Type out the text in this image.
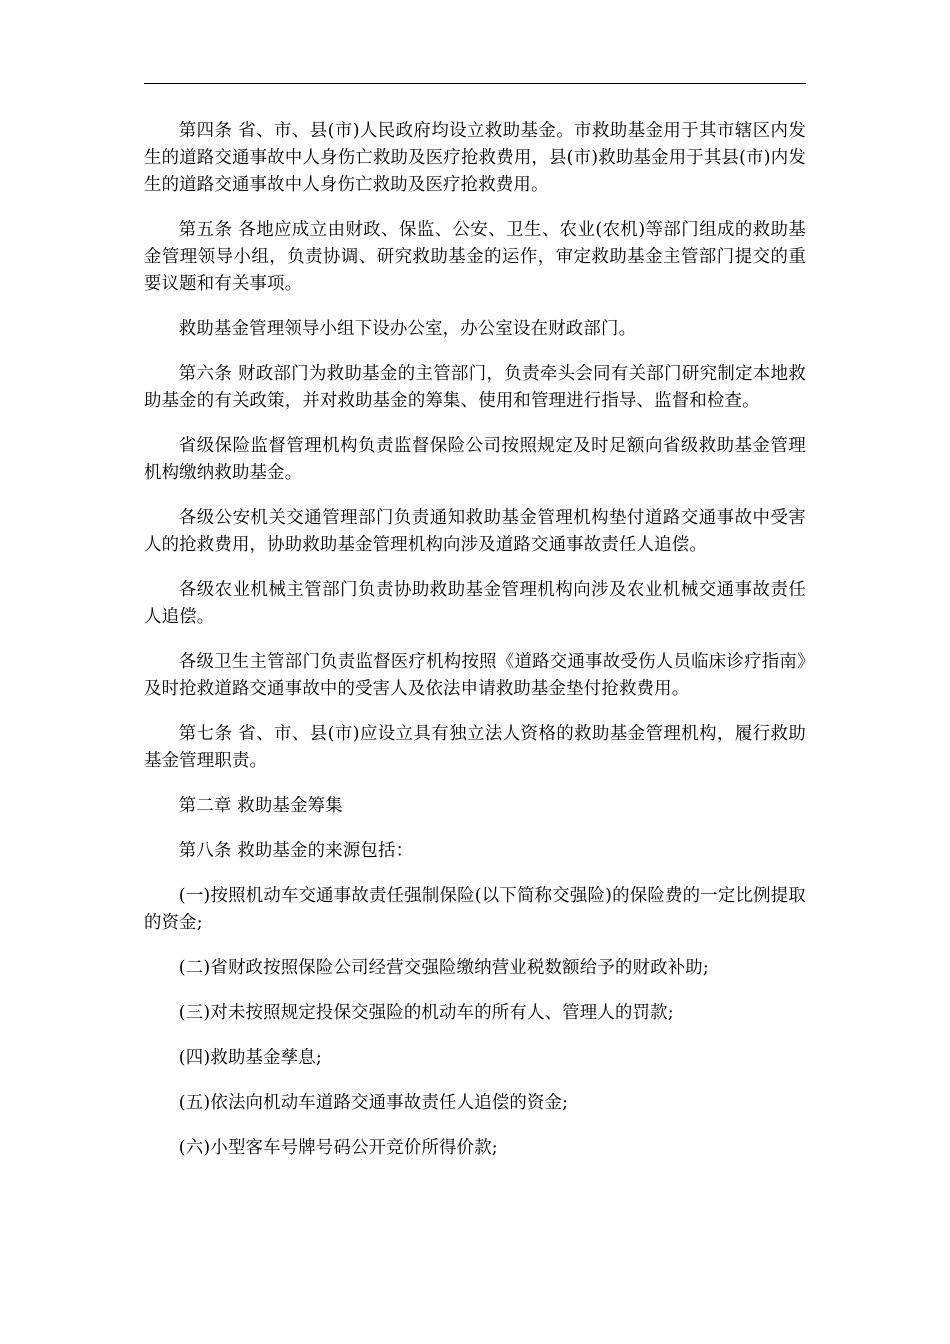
第四条 省、市、县(市)人民政府均设立救助基金。市救助基金用于其市辖区内发生的道路交通事故中人身伤亡救助及医疗抢救费用，县(市)救助基金用于其县(市)内发生的道路交通事故中人身伤亡救助及医疗抢救费用。

第五条 各地应成立由财政、保监、公安、卫生、农业(农机)等部门组成的救助基金管理领导小组，负责协调、研究救助基金的运作，审定救助基金主管部门提交的重要议题和有关事项。

救助基金管理领导小组下设办公室，办公室设在财政部门。

第六条 财政部门为救助基金的主管部门，负责牵头会同有关部门研究制定本地救助基金的有关政策，并对救助基金的筹集、使用和管理进行指导、监督和检查。

省级保险监督管理机构负责监督保险公司按照规定及时足额向省级救助基金管理机构缴纳救助基金。

各级公安机关交通管理部门负责通知救助基金管理机构垫付道路交通事故中受害人的抢救费用，协助救助基金管理机构向涉及道路交通事故责任人追偿。

各级农业机械主管部门负责协助救助基金管理机构向涉及农业机械交通事故责任人追偿。

各级卫生主管部门负责监督医疗机构按照《道路交通事故受伤人员临床诊疗指南》及时抢救道路交通事故中的受害人及依法申请救助基金垫付抢救费用。

第七条 省、市、县(市)应设立具有独立法人资格的救助基金管理机构，履行救助基金管理职责。

第二章 救助基金筹集

第八条 救助基金的来源包括：

(一)按照机动车交通事故责任强制保险(以下简称交强险)的保险费的一定比例提取的资金;

(二)省财政按照保险公司经营交强险缴纳营业税数额给予的财政补助;

(三)对未按照规定投保交强险的机动车的所有人、管理人的罚款;

(四)救助基金孳息;

(五)依法向机动车道路交通事故责任人追偿的资金;

(六)小型客车号牌号码公开竞价所得价款;
